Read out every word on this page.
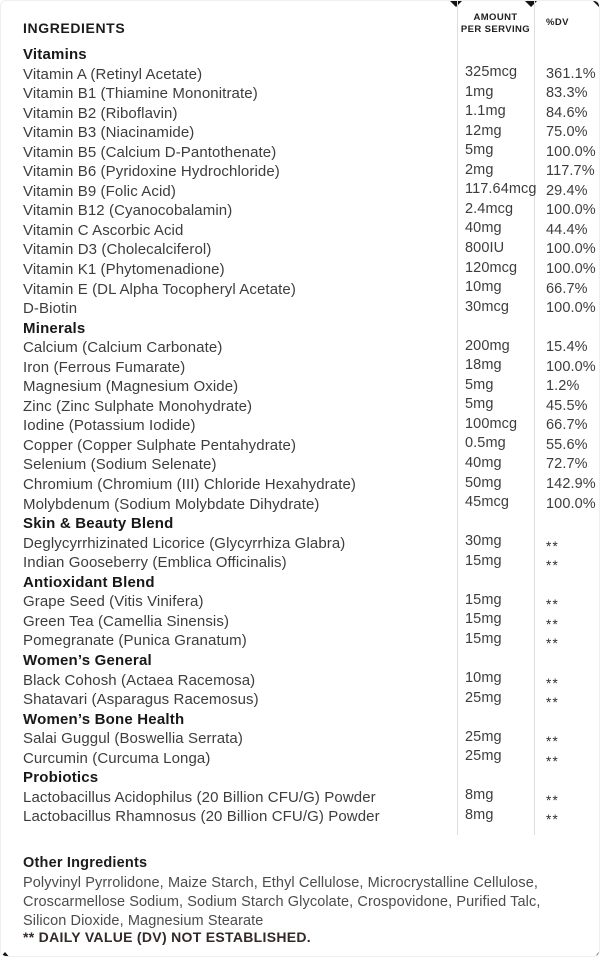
INGREDIENTS
AMOUNT
PER SERVING
%DV
Vitamins
Vitamin A (Retinyl Acetate)	325mcg	361.1%
Vitamin B1 (Thiamine Mononitrate)	1mg	83.3%
Vitamin B2 (Riboflavin)	1.1mg	84.6%
Vitamin B3 (Niacinamide)	12mg	75.0%
Vitamin B5 (Calcium D-Pantothenate)	5mg	100.0%
Vitamin B6 (Pyridoxine Hydrochloride)	2mg	117.7%
Vitamin B9 (Folic Acid)	117.64mcg 29.4%
Vitamin B12 (Cyanocobalamin)	2.4mcg	100.0%
Vitamin C Ascorbic Acid	40mg	44.4%
Vitamin D3 (Cholecalciferol)	800IU	100.0%
Vitamin K1 (Phytomenadione)	120mcg	100.0%
Vitamin E (DL Alpha Tocopheryl Acetate)	10mg	66.7%
D-Biotin	30mcg	100.0%
Minerals
Calcium (Calcium Carbonate)	200mg	15.4%
Iron (Ferrous Fumarate)	18mg	100.0%
Magnesium (Magnesium Oxide)	5mg	1.2%
Zinc (Zinc Sulphate Monohydrate)	5mg	45.5%
Iodine (Potassium Iodide)	100mcg	66.7%
Copper (Copper Sulphate Pentahydrate)	0.5mg	55.6%
Selenium (Sodium Selenate)	40mg	72.7%
Chromium (Chromium (III) Chloride Hexahydrate)	50mg	142.9%
Molybdenum (Sodium Molybdate Dihydrate)	45mcg	100.0%
Skin & Beauty Blend
Deglycyrrhizinated Licorice (Glycyrrhiza Glabra)	30mg	**
Indian Gooseberry (Emblica Officinalis)	15mg	**
Antioxidant Blend
Grape Seed (Vitis Vinifera)	15mg	**
Green Tea (Camellia Sinensis)	15mg	**
Pomegranate (Punica Granatum)	15mg	**
Women’s General
Black Cohosh (Actaea Racemosa)	10mg	**
Shatavari (Asparagus Racemosus)	25mg	**
Women’s Bone Health
Salai Guggul (Boswellia Serrata)	25mg	**
Curcumin (Curcuma Longa)	25mg	**
Probiotics
Lactobacillus Acidophilus (20 Billion CFU/G) Powder	8mg	**
Lactobacillus Rhamnosus (20 Billion CFU/G) Powder	8mg	**
Other Ingredients
Polyvinyl Pyrrolidone, Maize Starch, Ethyl Cellulose, Microcrystalline Cellulose, Croscarmellose Sodium, Sodium Starch Glycolate, Crospovidone, Purified Talc, Silicon Dioxide, Magnesium Stearate
** DAILY VALUE (DV) NOT ESTABLISHED.
